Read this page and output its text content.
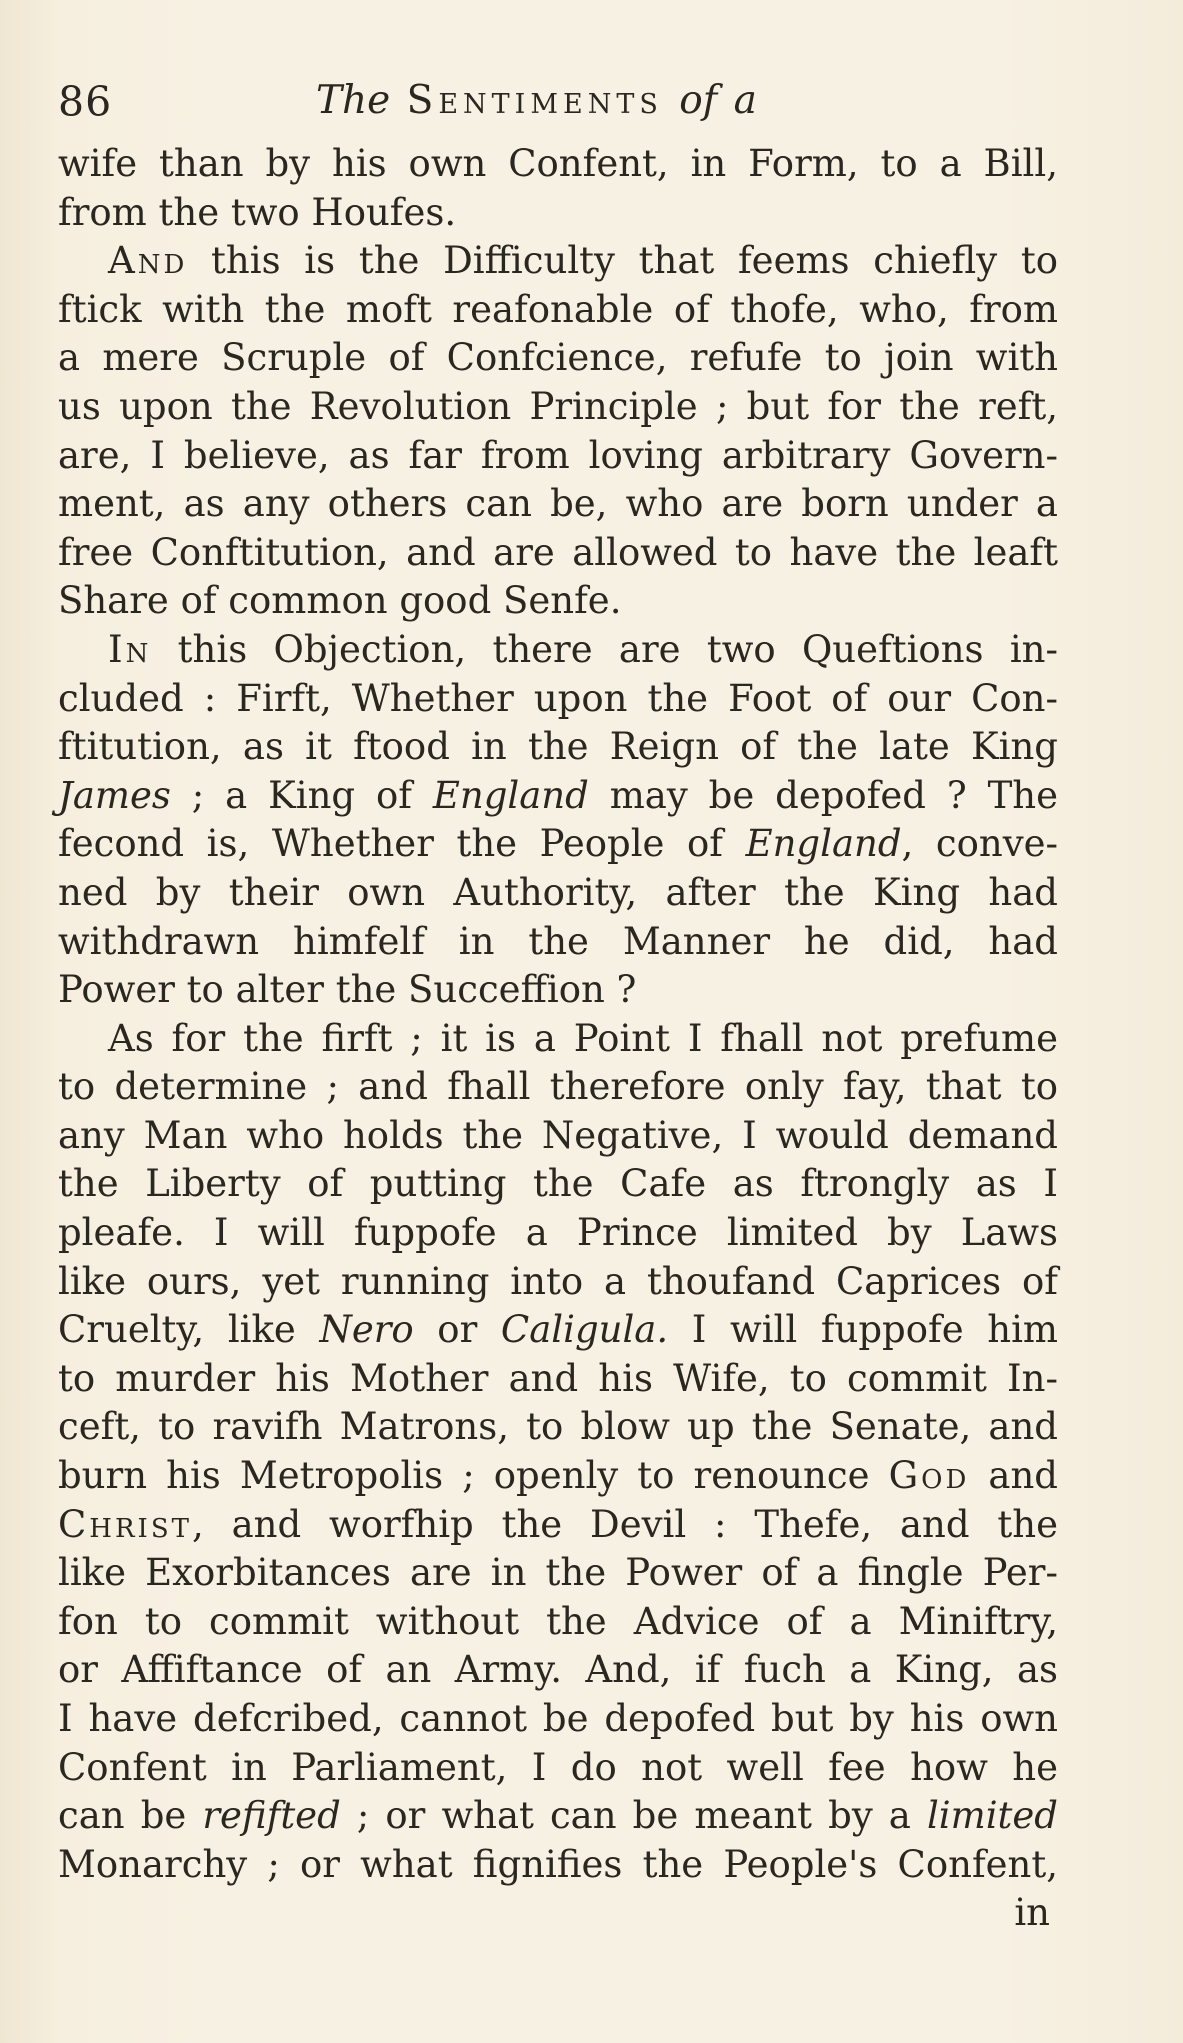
86	The Sentiments of a
wife than by his own Confent, in Form, to a Bill,
from the two Houfes.
And this is the Difficulty that feems chiefly to
ftick with the moft reafonable of thofe, who, from
a mere Scruple of Confcience, refufe to join with
us upon the Revolution Principle ; but for the reft,
are, I believe, as far from loving arbitrary Govern-
ment, as any others can be, who are born under a
free Conftitution, and are allowed to have the leaft
Share of common good Senfe.
In this Objection, there are two Queftions in-
cluded : Firft, Whether upon the Foot of our Con-
ftitution, as it ftood in the Reign of the late King
James ; a King of England may be depofed ? The
fecond is, Whether the People of England, conve-
ned by their own Authority, after the King had
withdrawn himfelf in the Manner he did, had
Power to alter the Succeffion ?
As for the firft ; it is a Point I fhall not prefume
to determine ; and fhall therefore only fay, that to
any Man who holds the Negative, I would demand
the Liberty of putting the Cafe as ftrongly as I
pleafe. I will fuppofe a Prince limited by Laws
like ours, yet running into a thoufand Caprices of
Cruelty, like Nero or Caligula. I will fuppofe him
to murder his Mother and his Wife, to commit In-
ceft, to ravifh Matrons, to blow up the Senate, and
burn his Metropolis ; openly to renounce God and
Christ, and worfhip the Devil : Thefe, and the
like Exorbitances are in the Power of a fingle Per-
fon to commit without the Advice of a Miniftry,
or Affiftance of an Army. And, if fuch a King, as
I have defcribed, cannot be depofed but by his own
Confent in Parliament, I do not well fee how he
can be refifted ; or what can be meant by a limited
Monarchy ; or what fignifies the People's Confent,
in
